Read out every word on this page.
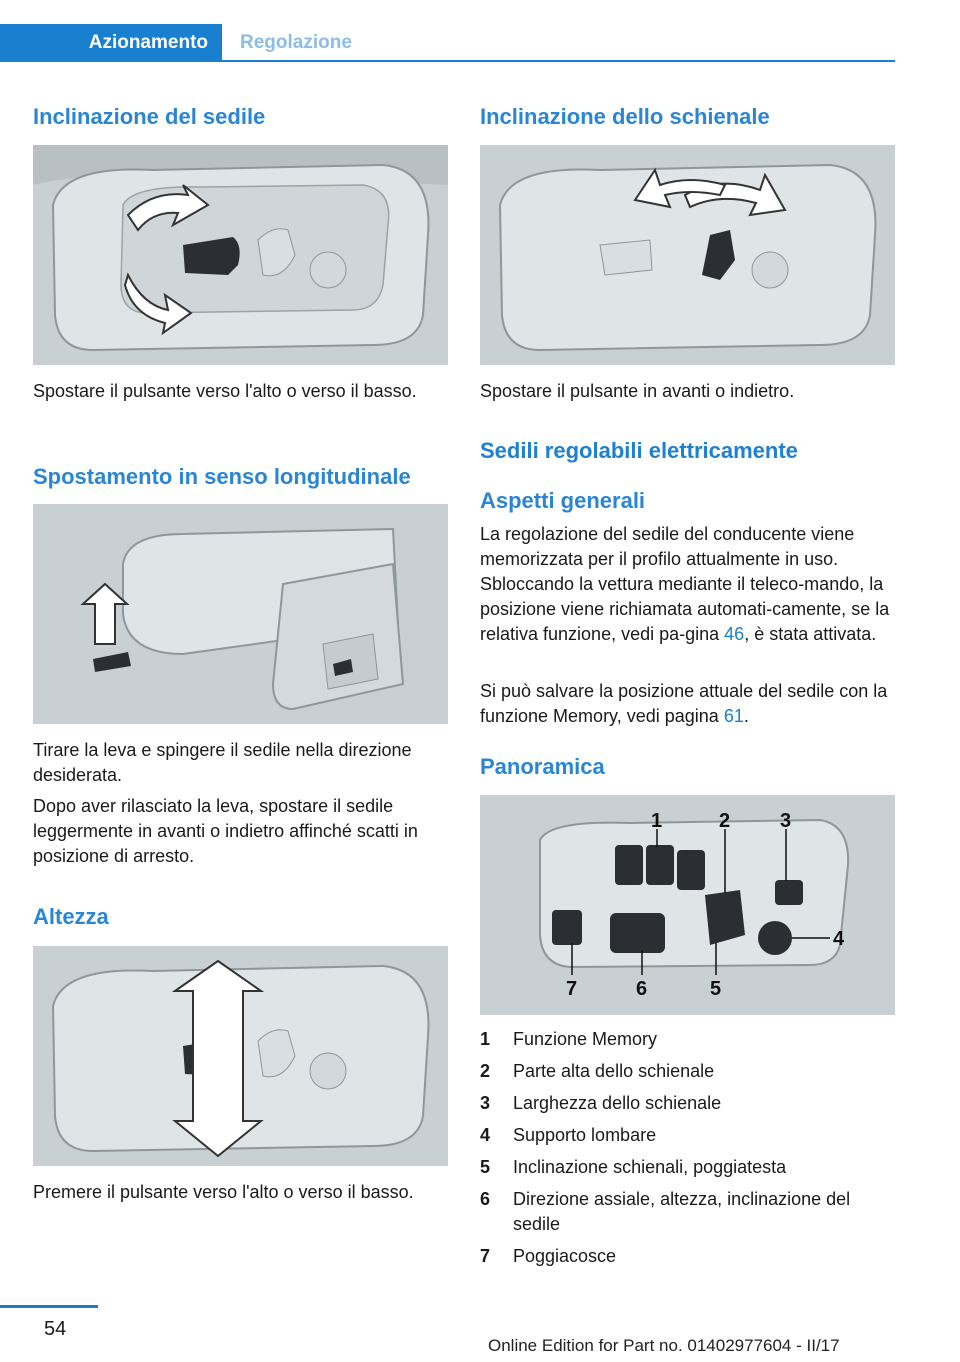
Azionamento Regolazione
Inclinazione del sedile

Spostare il pulsante verso l'alto o verso il basso.

Spostamento in senso longitudinale

Tirare la leva e spingere il sedile nella direzione desiderata.

Dopo aver rilasciato la leva, spostare il sedile leggermente in avanti o indietro affinché scatti in posizione di arresto.

Altezza

Premere il pulsante verso l'alto o verso il basso.

Inclinazione dello schienale

Spostare il pulsante in avanti o indietro.

Sedili regolabili elettricamente
Aspetti generali

La regolazione del sedile del conducente viene memorizzata per il profilo attualmente in uso. Sbloccando la vettura mediante il teleco-mando, la posizione viene richiamata automati-camente, se la relativa funzione, vedi pa-gina 46, è stata attivata.

Si può salvare la posizione attuale del sedile con la funzione Memory, vedi pagina 61.

Panoramica
1	2 3
4
5
6
7
1 Funzione Memory
2 Parte alta dello schienale
3 Larghezza dello schienale
4 Supporto lombare
5 Inclinazione schienali, poggiatesta
6 Direzione assiale, altezza, inclinazione del sedile
7 Poggiacosce
54
Online Edition for Part no. 01402977604 - II/17
